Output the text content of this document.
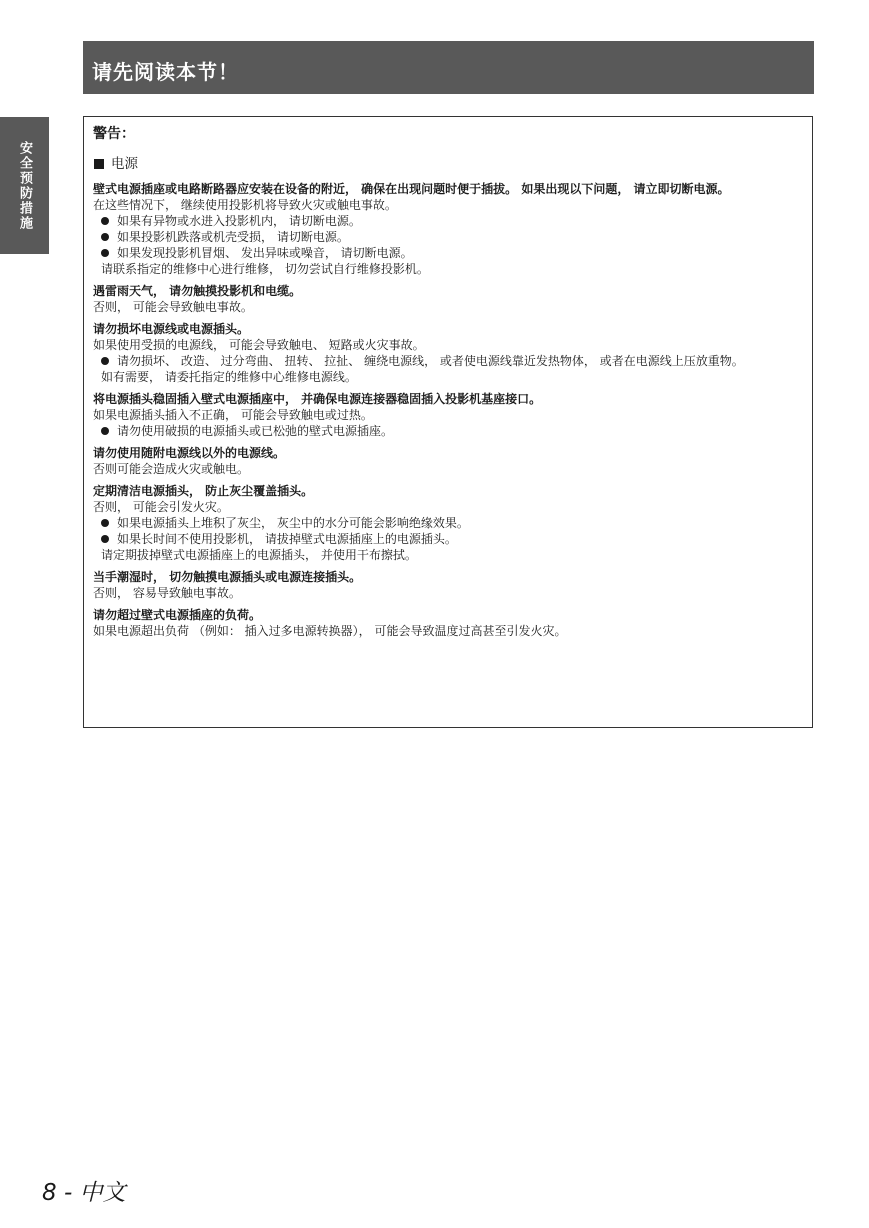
请先阅读本节！
安全预防措施
警告：
电源
壁式电源插座或电路断路器应安装在设备的附近， 确保在出现问题时便于插拔。 如果出现以下问题， 请立即切断电源。
在这些情况下， 继续使用投影机将导致火灾或触电事故。
如果有异物或水进入投影机内， 请切断电源。
如果投影机跌落或机壳受损， 请切断电源。
如果发现投影机冒烟、 发出异味或噪音， 请切断电源。
请联系指定的维修中心进行维修， 切勿尝试自行维修投影机。
遇雷雨天气， 请勿触摸投影机和电缆。
否则， 可能会导致触电事故。
请勿损坏电源线或电源插头。
如果使用受损的电源线， 可能会导致触电、 短路或火灾事故。
请勿损坏、 改造、 过分弯曲、 扭转、 拉扯、 缠绕电源线， 或者使电源线靠近发热物体， 或者在电源线上压放重物。
如有需要， 请委托指定的维修中心维修电源线。
将电源插头稳固插入壁式电源插座中， 并确保电源连接器稳固插入投影机基座接口。
如果电源插头插入不正确， 可能会导致触电或过热。
请勿使用破损的电源插头或已松弛的壁式电源插座。
请勿使用随附电源线以外的电源线。
否则可能会造成火灾或触电。
定期清洁电源插头， 防止灰尘覆盖插头。
否则， 可能会引发火灾。
如果电源插头上堆积了灰尘， 灰尘中的水分可能会影响绝缘效果。
如果长时间不使用投影机， 请拔掉壁式电源插座上的电源插头。
请定期拔掉壁式电源插座上的电源插头， 并使用干布擦拭。
当手潮湿时， 切勿触摸电源插头或电源连接插头。
否则， 容易导致触电事故。
请勿超过壁式电源插座的负荷。
如果电源超出负荷 （例如： 插入过多电源转换器）， 可能会导致温度过高甚至引发火灾。
8 - 中文
